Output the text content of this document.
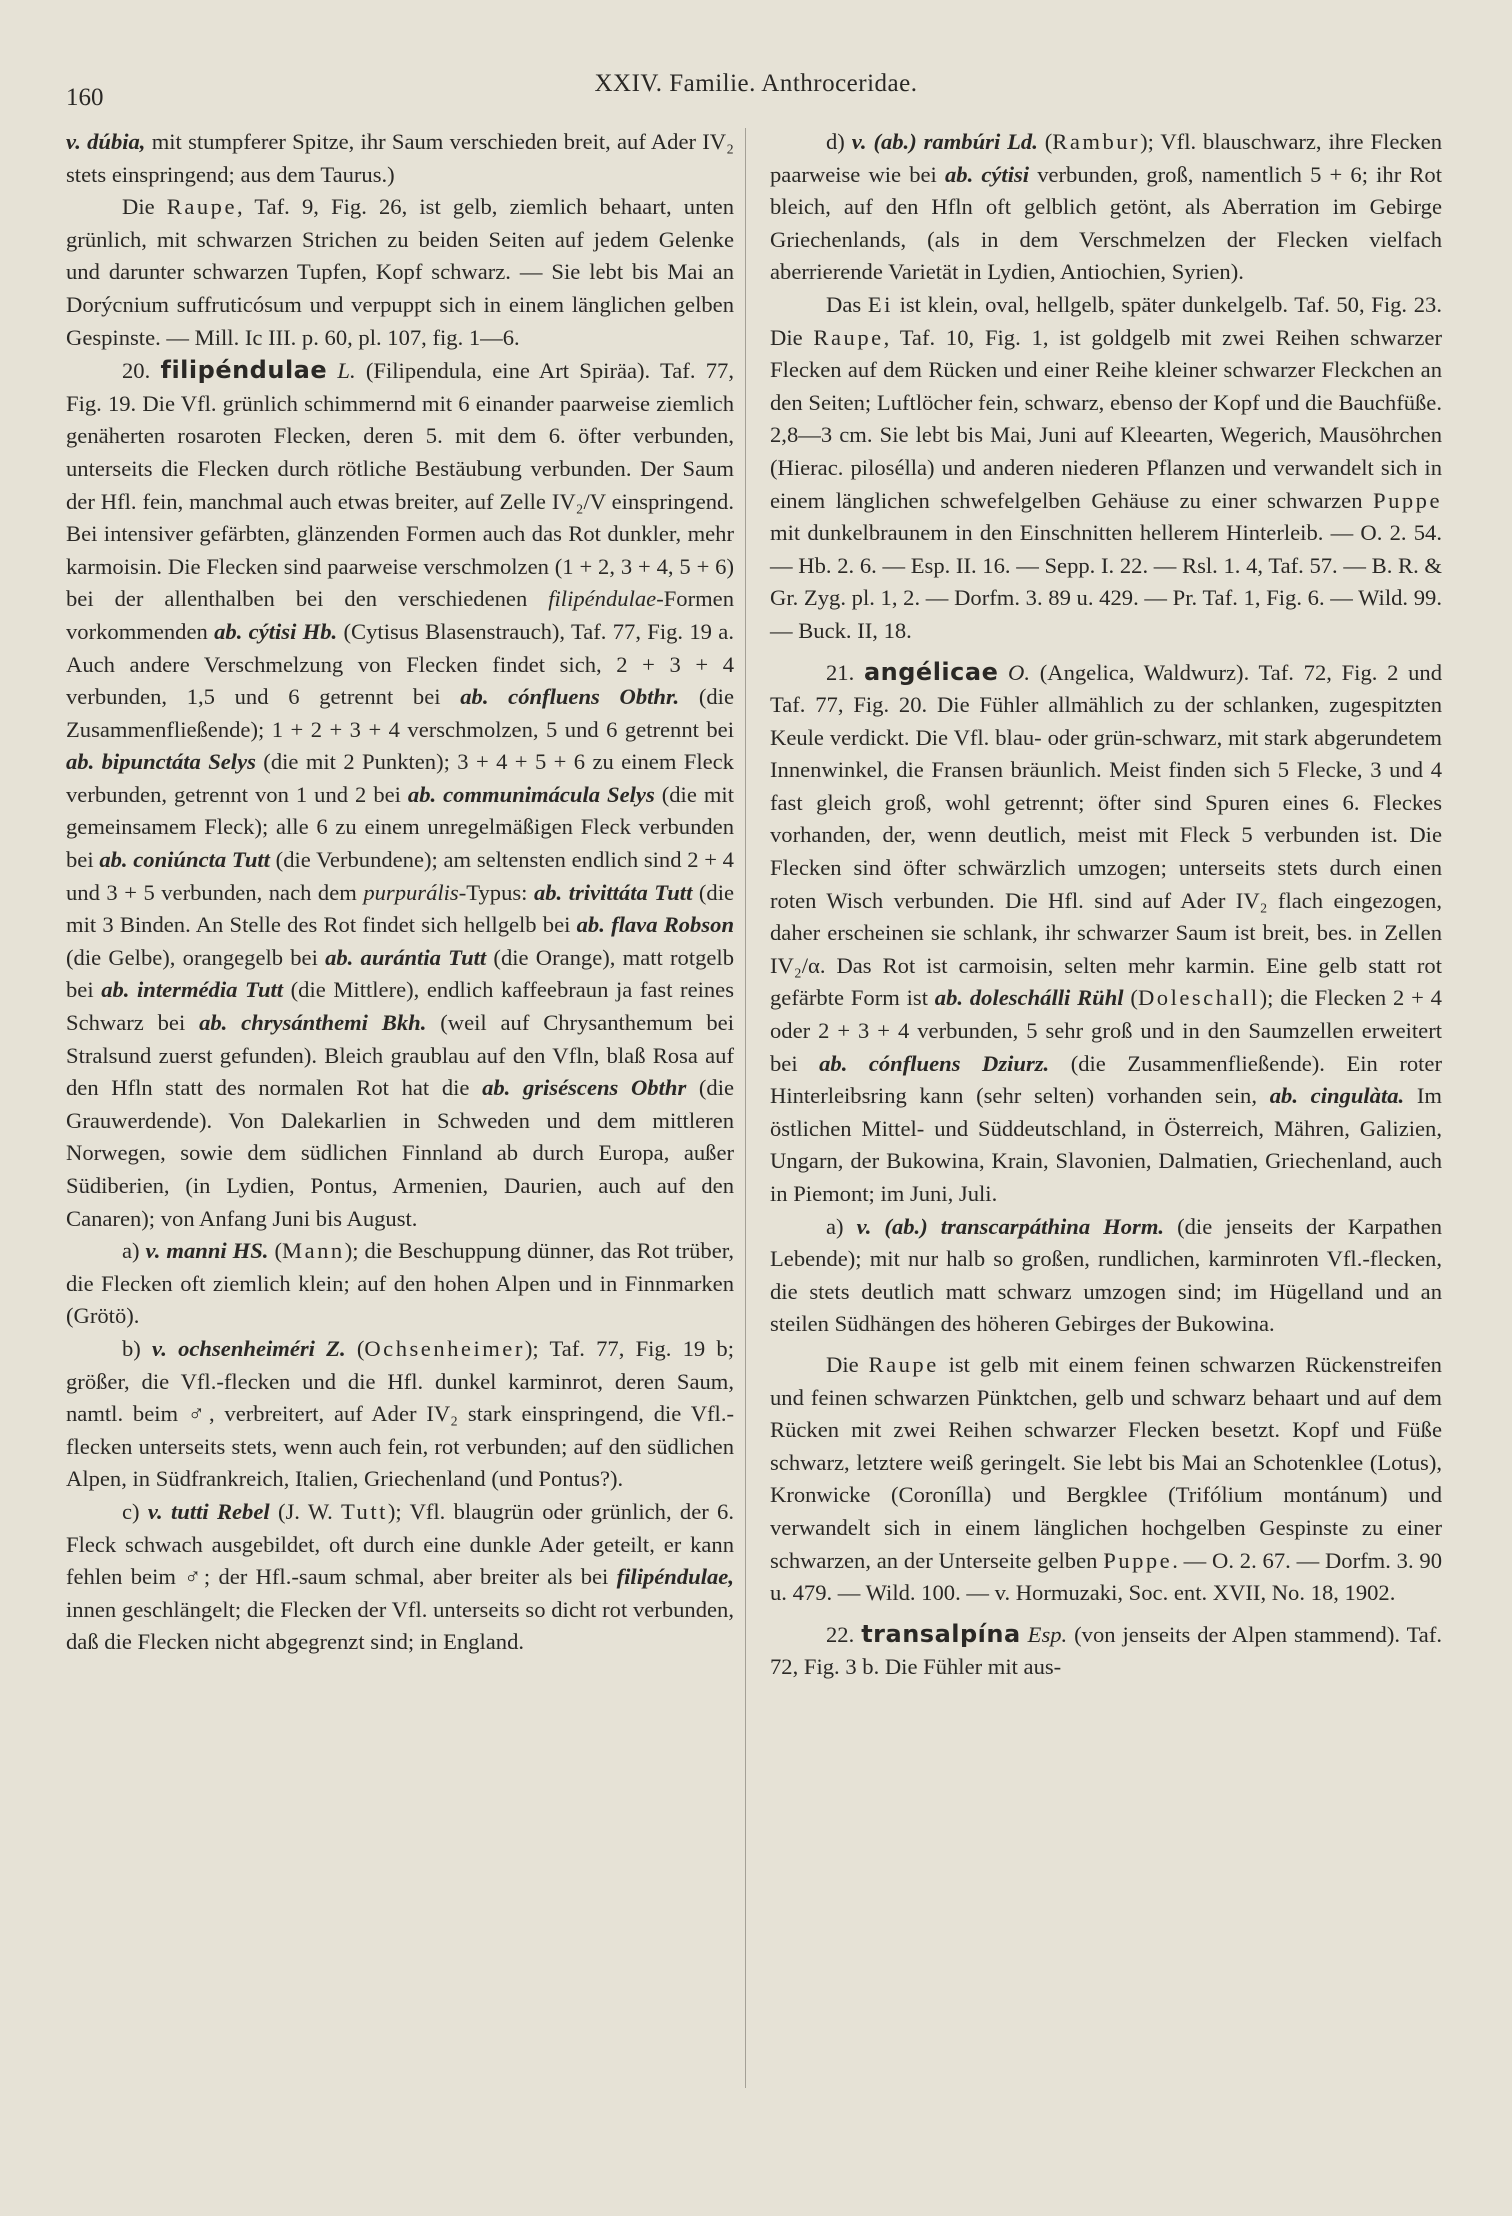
160
XXIV. Familie. Anthroceridae.

v. dúbia, mit stumpferer Spitze, ihr Saum verschieden breit, auf Ader IV₂ stets einspringend; aus dem Taurus.)

Die Raupe, Taf. 9, Fig. 26, ist gelb, ziemlich behaart, unten grünlich, mit schwarzen Strichen zu beiden Seiten auf jedem Gelenke und darunter schwarzen Tupfen, Kopf schwarz. — Sie lebt bis Mai an Dorýcnium suffruticósum und verpuppt sich in einem länglichen gelben Gespinste. — Mill. Ic III. p. 60, pl. 107, fig. 1—6.

20. filipéndulae L. (Filipendula, eine Art Spiräa). Taf. 77, Fig. 19. Die Vfl. grünlich schimmernd mit 6 einander paarweise ziemlich genäherten rosaroten Flecken, deren 5. mit dem 6. öfter verbunden, unterseits die Flecken durch rötliche Bestäubung verbunden. Der Saum der Hfl. fein, manchmal auch etwas breiter, auf Zelle IV₂/V einspringend. Bei intensiver gefärbten, glänzenden Formen auch das Rot dunkler, mehr karmoisin. Die Flecken sind paarweise verschmolzen (1 + 2, 3 + 4, 5 + 6) bei der allenthalben bei den verschiedenen filipéndulae-Formen vorkommenden ab. cýtisi Hb. (Cytisus Blasenstrauch), Taf. 77, Fig. 19 a. Auch andere Verschmelzung von Flecken findet sich, 2 + 3 + 4 verbunden, 1,5 und 6 getrennt bei ab. cónfluens Obthr. (die Zusammenfließende); 1 + 2 + 3 + 4 verschmolzen, 5 und 6 getrennt bei ab. bipunctáta Selys (die mit 2 Punkten); 3 + 4 + 5 + 6 zu einem Fleck verbunden, getrennt von 1 und 2 bei ab. communimácula Selys (die mit gemeinsamem Fleck); alle 6 zu einem unregelmäßigen Fleck verbunden bei ab. coniúncta Tutt (die Verbundene); am seltensten endlich sind 2 + 4 und 3 + 5 verbunden, nach dem purpurális-Typus: ab. trivittáta Tutt (die mit 3 Binden. An Stelle des Rot findet sich hellgelb bei ab. flava Robson (die Gelbe), orangegelb bei ab. aurántia Tutt (die Orange), matt rotgelb bei ab. intermédia Tutt (die Mittlere), endlich kaffeebraun ja fast reines Schwarz bei ab. chrysánthemi Bkh. (weil auf Chrysanthemum bei Stralsund zuerst gefunden). Bleich graublau auf den Vfln, blaß Rosa auf den Hfln statt des normalen Rot hat die ab. griséscens Obthr (die Grauwerdende). Von Dalekarlien in Schweden und dem mittleren Norwegen, sowie dem südlichen Finnland ab durch Europa, außer Südiberien, (in Lydien, Pontus, Armenien, Daurien, auch auf den Canaren); von Anfang Juni bis August.

a) v. manni HS. (Mann); die Beschuppung dünner, das Rot trüber, die Flecken oft ziemlich klein; auf den hohen Alpen und in Finnmarken (Grötö).

b) v. ochsenheiméri Z. (Ochsenheimer); Taf. 77, Fig. 19 b; größer, die Vfl.-flecken und die Hfl. dunkel karminrot, deren Saum, namtl. beim ♂, verbreitert, auf Ader IV₂ stark einspringend, die Vfl.-flecken unterseits stets, wenn auch fein, rot verbunden; auf den südlichen Alpen, in Südfrankreich, Italien, Griechenland (und Pontus?).

c) v. tutti Rebel (J. W. Tutt); Vfl. blaugrün oder grünlich, der 6. Fleck schwach ausgebildet, oft durch eine dunkle Ader geteilt, er kann fehlen beim ♂; der Hfl.-saum schmal, aber breiter als bei filipéndulae, innen geschlängelt; die Flecken der Vfl. unterseits so dicht rot verbunden, daß die Flecken nicht abgegrenzt sind; in England.

d) v. (ab.) rambúri Ld. (Rambur); Vfl. blauschwarz, ihre Flecken paarweise wie bei ab. cýtisi verbunden, groß, namentlich 5 + 6; ihr Rot bleich, auf den Hfln oft gelblich getönt, als Aberration im Gebirge Griechenlands, (als in dem Verschmelzen der Flecken vielfach aberrierende Varietät in Lydien, Antiochien, Syrien).

Das Ei ist klein, oval, hellgelb, später dunkelgelb. Taf. 50, Fig. 23. Die Raupe, Taf. 10, Fig. 1, ist goldgelb mit zwei Reihen schwarzer Flecken auf dem Rücken und einer Reihe kleiner schwarzer Fleckchen an den Seiten; Luftlöcher fein, schwarz, ebenso der Kopf und die Bauchfüße. 2,8—3 cm. Sie lebt bis Mai, Juni auf Kleearten, Wegerich, Mausöhrchen (Hierac. pilosélla) und anderen niederen Pflanzen und verwandelt sich in einem länglichen schwefelgelben Gehäuse zu einer schwarzen Puppe mit dunkelbraunem in den Einschnitten hellerem Hinterleib. — O. 2. 54. — Hb. 2. 6. — Esp. II. 16. — Sepp. I. 22. — Rsl. 1. 4, Taf. 57. — B. R. & Gr. Zyg. pl. 1, 2. — Dorfm. 3. 89 u. 429. — Pr. Taf. 1, Fig. 6. — Wild. 99. — Buck. II, 18.

21. angélicae O. (Angelica, Waldwurz). Taf. 72, Fig. 2 und Taf. 77, Fig. 20. Die Fühler allmählich zu der schlanken, zugespitzten Keule verdickt. Die Vfl. blau- oder grün-schwarz, mit stark abgerundetem Innenwinkel, die Fransen bräunlich. Meist finden sich 5 Flecke, 3 und 4 fast gleich groß, wohl getrennt; öfter sind Spuren eines 6. Fleckes vorhanden, der, wenn deutlich, meist mit Fleck 5 verbunden ist. Die Flecken sind öfter schwärzlich umzogen; unterseits stets durch einen roten Wisch verbunden. Die Hfl. sind auf Ader IV₂ flach eingezogen, daher erscheinen sie schlank, ihr schwarzer Saum ist breit, bes. in Zellen IV₂/α. Das Rot ist carmoisin, selten mehr karmin. Eine gelb statt rot gefärbte Form ist ab. doleschálli Rühl (Doleschall); die Flecken 2 + 4 oder 2 + 3 + 4 verbunden, 5 sehr groß und in den Saumzellen erweitert bei ab. cónfluens Dziurz. (die Zusammenfließende). Ein roter Hinterleibsring kann (sehr selten) vorhanden sein, ab. cingulàta. Im östlichen Mittel- und Süddeutschland, in Österreich, Mähren, Galizien, Ungarn, der Bukowina, Krain, Slavonien, Dalmatien, Griechenland, auch in Piemont; im Juni, Juli.

a) v. (ab.) transcarpáthina Horm. (die jenseits der Karpathen Lebende); mit nur halb so großen, rundlichen, karminroten Vfl.-flecken, die stets deutlich matt schwarz umzogen sind; im Hügelland und an steilen Südhängen des höheren Gebirges der Bukowina.

Die Raupe ist gelb mit einem feinen schwarzen Rückenstreifen und feinen schwarzen Pünktchen, gelb und schwarz behaart und auf dem Rücken mit zwei Reihen schwarzer Flecken besetzt. Kopf und Füße schwarz, letztere weiß geringelt. Sie lebt bis Mai an Schotenklee (Lotus), Kronwicke (Coronílla) und Bergklee (Trifólium montánum) und verwandelt sich in einem länglichen hochgelben Gespinste zu einer schwarzen, an der Unterseite gelben Puppe. — O. 2. 67. — Dorfm. 3. 90 u. 479. — Wild. 100. — v. Hormuzaki, Soc. ent. XVII, No. 18, 1902.

22. transalpína Esp. (von jenseits der Alpen stammend). Taf. 72, Fig. 3 b. Die Fühler mit aus-
